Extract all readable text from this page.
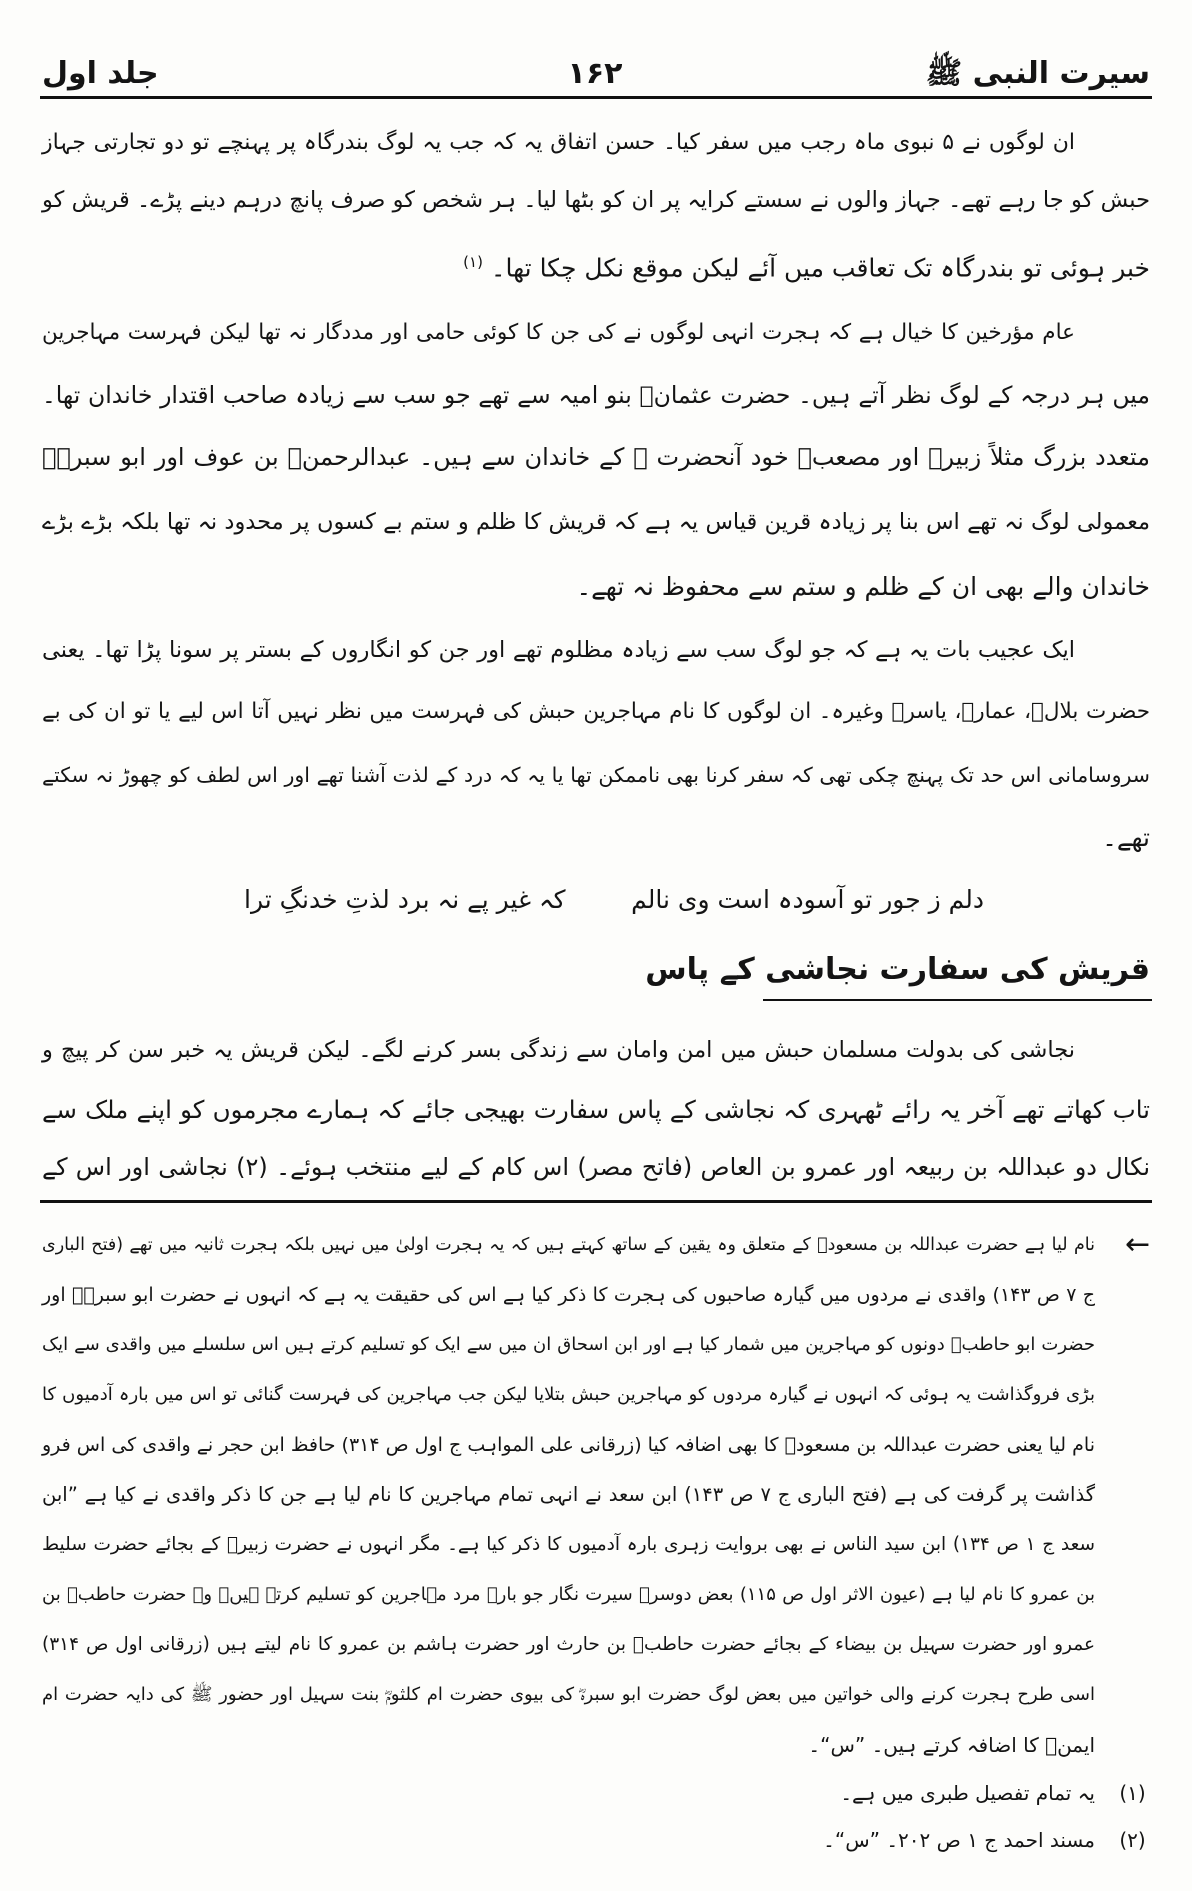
سیرت النبی ﷺ
۱۶۲
جلد اول
ان لوگوں نے ۵ نبوی ماہ رجب میں سفر کیا۔ حسن اتفاق یہ کہ جب یہ لوگ بندرگاہ پر پہنچے تو دو تجارتی جہاز
حبش کو جا رہے تھے۔ جہاز والوں نے سستے کرایہ پر ان کو بٹھا لیا۔ ہر شخص کو صرف پانچ درہم دینے پڑے۔ قریش کو
خبر ہوئی تو بندرگاہ تک تعاقب میں آئے لیکن موقع نکل چکا تھا۔ $^{(۱)}$
عام مؤرخین کا خیال ہے کہ ہجرت انہی لوگوں نے کی جن کا کوئی حامی اور مددگار نہ تھا لیکن فہرست مہاجرین
میں ہر درجہ کے لوگ نظر آتے ہیں۔ حضرت عثمانؓ بنو امیہ سے تھے جو سب سے زیادہ صاحب اقتدار خاندان تھا۔
متعدد بزرگ مثلاً زبیرؓ اور مصعبؓ خود آنحضرت ﷺ کے خاندان سے ہیں۔ عبدالرحمنؓ بن عوف اور ابو سبرہؓ
معمولی لوگ نہ تھے اس بنا پر زیادہ قرین قیاس یہ ہے کہ قریش کا ظلم و ستم بے کسوں پر محدود نہ تھا بلکہ بڑے بڑے
خاندان والے بھی ان کے ظلم و ستم سے محفوظ نہ تھے۔
ایک عجیب بات یہ ہے کہ جو لوگ سب سے زیادہ مظلوم تھے اور جن کو انگاروں کے بستر پر سونا پڑا تھا۔ یعنی
حضرت بلالؓ، عمارؓ، یاسرؓ وغیرہ۔ ان لوگوں کا نام مہاجرین حبش کی فہرست میں نظر نہیں آتا اس لیے یا تو ان کی بے
سروسامانی اس حد تک پہنچ چکی تھی کہ سفر کرنا بھی ناممکن تھا یا یہ کہ درد کے لذت آشنا تھے اور اس لطف کو چھوڑ نہ سکتے
تھے۔
دلم ز جور تو آسودہ است وی نالم
کہ غیر پے نہ برد لذتِ خدنگِ ترا
قریش کی سفارت نجاشی کے پاس
نجاشی کی بدولت مسلمان حبش میں امن وامان سے زندگی بسر کرنے لگے۔ لیکن قریش یہ خبر سن کر پیچ و
تاب کھاتے تھے آخر یہ رائے ٹھہری کہ نجاشی کے پاس سفارت بھیجی جائے کہ ہمارے مجرموں کو اپنے ملک سے
نکال دو عبداللہ بن ربیعہ اور عمرو بن العاص (فاتح مصر) اس کام کے لیے منتخب ہوئے۔ (۲) نجاشی اور اس کے
←
نام لیا ہے حضرت عبداللہ بن مسعودؓ کے متعلق وہ یقین کے ساتھ کہتے ہیں کہ یہ ہجرت اولیٰ میں نہیں بلکہ ہجرت ثانیہ میں تھے (فتح الباری
ج ۷ ص ۱۴۳) واقدی نے مردوں میں گیارہ صاحبوں کی ہجرت کا ذکر کیا ہے اس کی حقیقت یہ ہے کہ انہوں نے حضرت ابو سبرہؓ اور
حضرت ابو حاطبؓ دونوں کو مہاجرین میں شمار کیا ہے اور ابن اسحاق ان میں سے ایک کو تسلیم کرتے ہیں اس سلسلے میں واقدی سے ایک
بڑی فروگذاشت یہ ہوئی کہ انہوں نے گیارہ مردوں کو مہاجرین حبش بتلایا لیکن جب مہاجرین کی فہرست گنائی تو اس میں بارہ آدمیوں کا
نام لیا یعنی حضرت عبداللہ بن مسعودؓ کا بھی اضافہ کیا (زرقانی علی المواہب ج اول ص ۳۱۴) حافظ ابن حجر نے واقدی کی اس فرو
گذاشت پر گرفت کی ہے (فتح الباری ج ۷ ص ۱۴۳) ابن سعد نے انہی تمام مہاجرین کا نام لیا ہے جن کا ذکر واقدی نے کیا ہے ”ابن
سعد ج ۱ ص ۱۳۴) ابن سید الناس نے بھی بروایت زہری بارہ آدمیوں کا ذکر کیا ہے۔ مگر انہوں نے حضرت زبیرؓ کے بجائے حضرت سلیط
بن عمرو کا نام لیا ہے (عیون الاثر اول ص ۱۱۵) بعض دوسرے سیرت نگار جو بارہ مرد مہاجرین کو تسلیم کرتے ہیں۔ وہ حضرت حاطبؓ بن
عمرو اور حضرت سہیل بن بیضاء کے بجائے حضرت حاطبؓ بن حارث اور حضرت ہاشم بن عمرو کا نام لیتے ہیں (زرقانی اول ص ۳۱۴)
اسی طرح ہجرت کرنے والی خواتین میں بعض لوگ حضرت ابو سبرہؓ کی بیوی حضرت ام کلثومؓ بنت سہیل اور حضور ﷺ کی دایہ حضرت ام
ایمنؓ کا اضافہ کرتے ہیں۔ ”س“۔
(۱)
یہ تمام تفصیل طبری میں ہے۔
(۲)
مسند احمد ج ۱ ص ۲۰۲۔ ”س“۔
